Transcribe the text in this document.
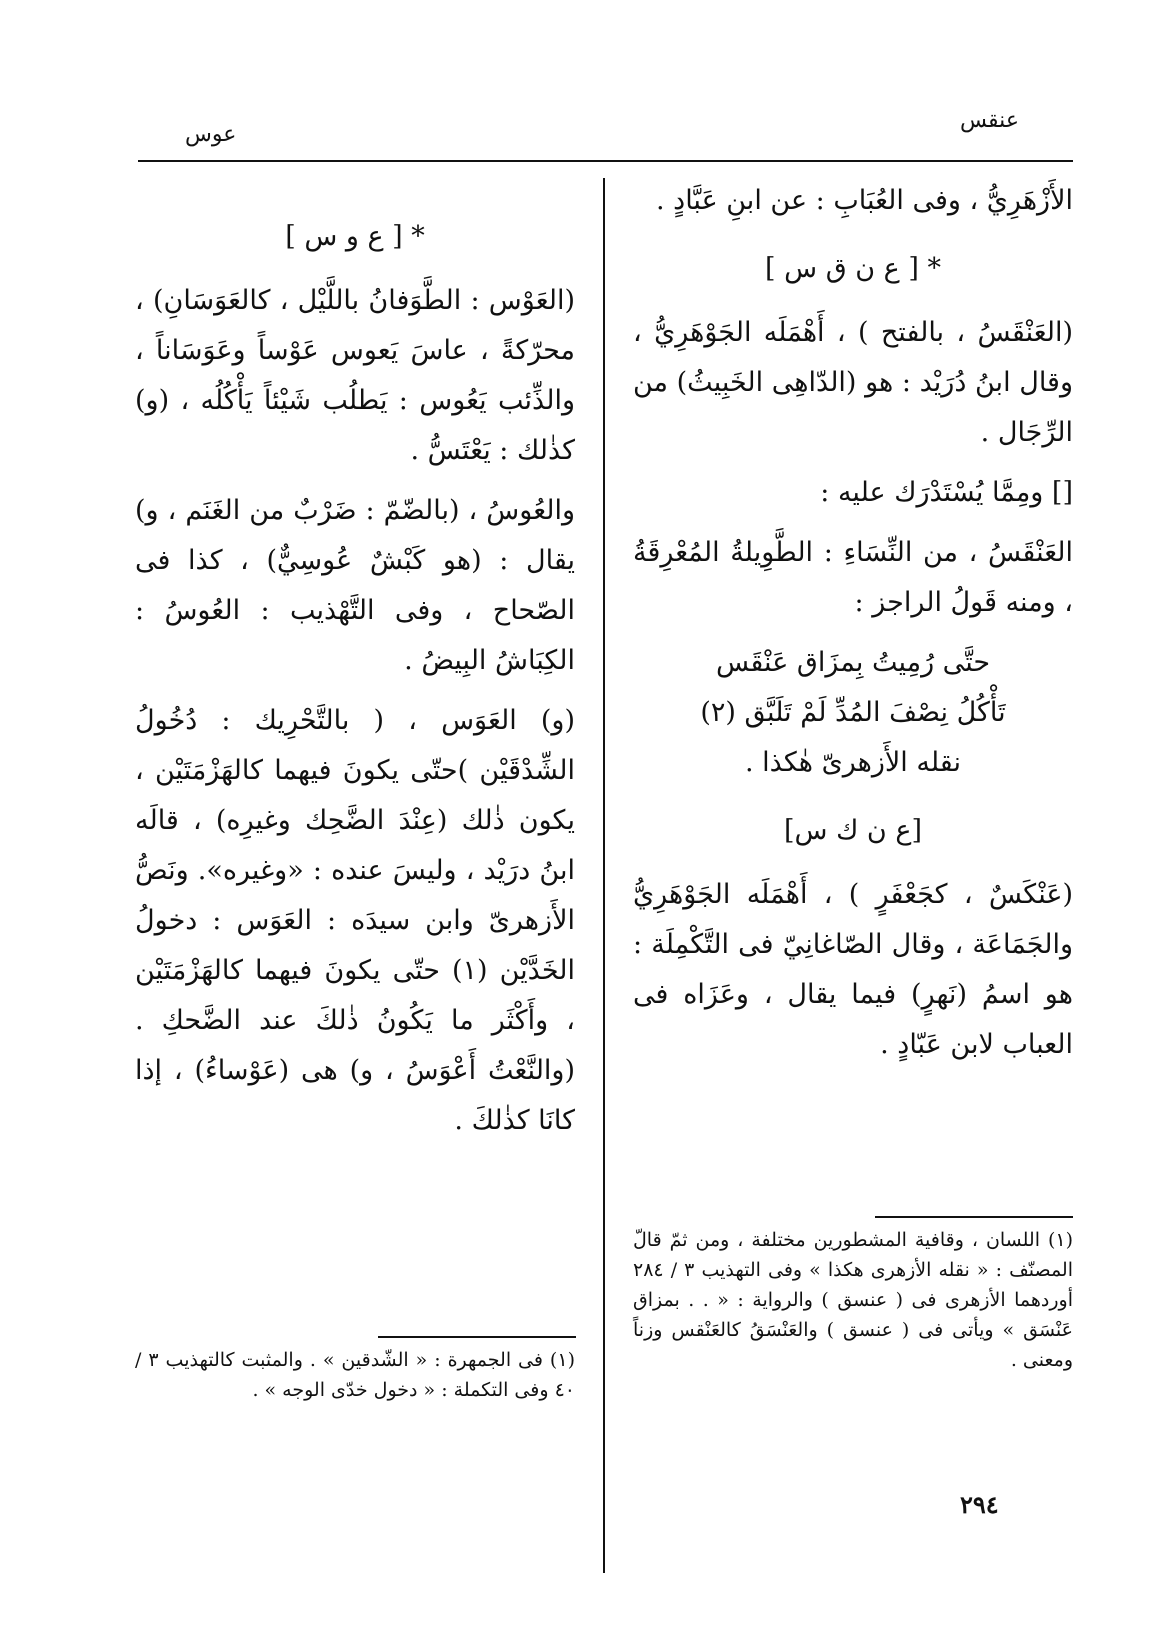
عنقس
عوس

الأَزْهَرِيُّ ، وفى العُبَابِ : عن ابنِ عَبَّادٍ .

* [ ع ن ق س ]

(العَنْقَسُ ، بالفتح ) ، أَهْمَلَه الجَوْهَرِيُّ ، وقال ابنُ دُرَيْد : هو (الدّاهِى الخَبِيثُ) من الرِّجَال .

[] ومِمَّا يُسْتَدْرَك عليه :

العَنْقَسُ ، من النِّسَاءِ : الطَّوِيلةُ المُعْرِقَةُ ، ومنه قَولُ الراجز :

حتَّى رُمِيتُ بِمزَاق عَنْقَس

تَأْكُلُ نِصْفَ المُدِّ لَمْ تَلَبَّق (٢)

نقله الأَزهرىّ هٰكذا .

[ع ن ك س]

(عَنْكَسٌ ، كجَعْفَرٍ ) ، أَهْمَلَه الجَوْهَرِيُّ والجَمَاعَة ، وقال الصّاغانِيّ فى التَّكْمِلَة : هو اسمُ (نَهرٍ) فيما يقال ، وعَزَاه فى العباب لابن عَبّادٍ .

(١) اللسان ، وقافية المشطورين مختلفة ، ومن ثمّ قالّ المصنّف : « نقله الأزهرى هكذا » وفى التهذيب ٣ / ٢٨٤ أوردهما الأزهرى فى ( عنسق ) والرواية : « . . بمزاق عَنْسَق » ويأتى فى ( عنسق ) والعَنْسَقُ كالعَنْقس وزناً ومعنى .

* [ ع و س ]

(العَوْس : الطَّوَفانُ باللَّيْل ، كالعَوَسَانِ) ، محرّكةً ، عاسَ يَعوس عَوْساً وعَوَسَاناً ، والذِّئب يَعُوس : يَطلُب شَيْئاً يَأْكُلُه ، (و) كذٰلك : يَعْتَسُّ .

والعُوسُ ، (بالضّمّ : ضَرْبٌ من الغَنَم ، و) يقال : (هو كَبْشٌ عُوسِيٌّ) ، كذا فى الصّحاح ، وفى التَّهْذيب : العُوسُ : الكِبَاشُ البِيضُ .

(و) العَوَس ، ( بالتَّحْرِيك : دُخُولُ الشِّدْقَيْن )حتّى يكونَ فيهما كالهَزْمَتَيْن ، يكون ذٰلك (عِنْدَ الضَّحِك وغيرِه) ، قالَه ابنُ درَيْد ، وليسَ عنده : «وغيره». ونَصُّ الأَزهرىّ وابن سيدَه : العَوَس : دخولُ الخَدَّيْن (١) حتّى يكونَ فيهما كالهَزْمَتَيْن ، وأَكْثَر ما يَكُونُ ذٰلكَ عند الضَّحكِ . (والنَّعْتُ أَعْوَسُ ، و) هى (عَوْساءُ) ، إذا كانَا كذٰلكَ .

(١) فى الجمهرة : « الشّدقين » . والمثبت كالتهذيب ٣ / ٤٠ وفى التكملة : « دخول خدّى الوجه » .

٢٩٤
